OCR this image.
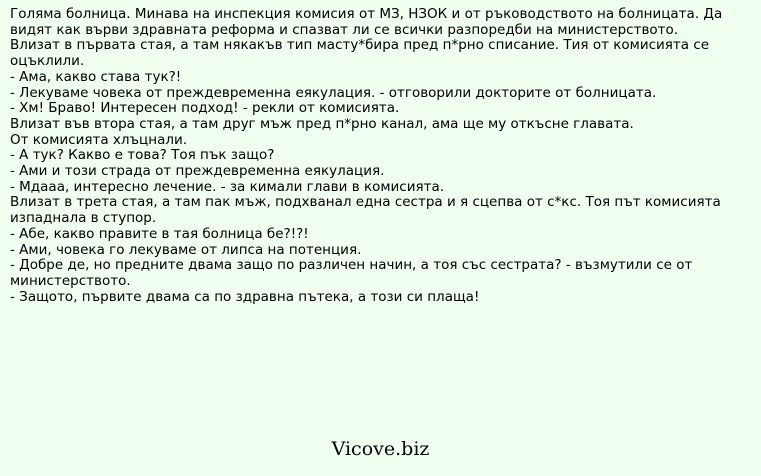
Голяма болница. Минава на инспекция комисия от МЗ, НЗОК и от ръководството на болницата. Да видят как върви здравната реформа и спазват ли се всички разпоредби на министерството.

Влизат в първата стая, а там някакъв тип масту*бира пред п*рно списание. Тия от комисията се оцъклили.

- Ама, какво става тук?!

- Лекуваме човека от преждевременна еякулация. - отговорили докторите от болницата.

- Хм! Браво! Интересен подход! - рекли от комисията.

Влизат във втора стая, а там друг мъж пред п*рно канал, ама ще му откъсне главата.

От комисията хлъцнали.

- А тук? Какво е това? Тоя пък защо?

- Ами и този страда от преждевременна еякулация.

- Мдааа, интересно лечение. - за кимали глави в комисията.

Влизат в трета стая, а там пак мъж, подхванал една сестра и я сцепва от с*кс. Тоя път комисията изпаднала в ступор.

- Абе, какво правите в тая болница бе?!?!

- Ами, човека го лекуваме от липса на потенция.

- Добре де, но предните двама защо по различен начин, а тоя със сестрата? - възмутили се от министерството.

- Защото, първите двама са по здравна пътека, а този си плаща!

Vicove.biz
